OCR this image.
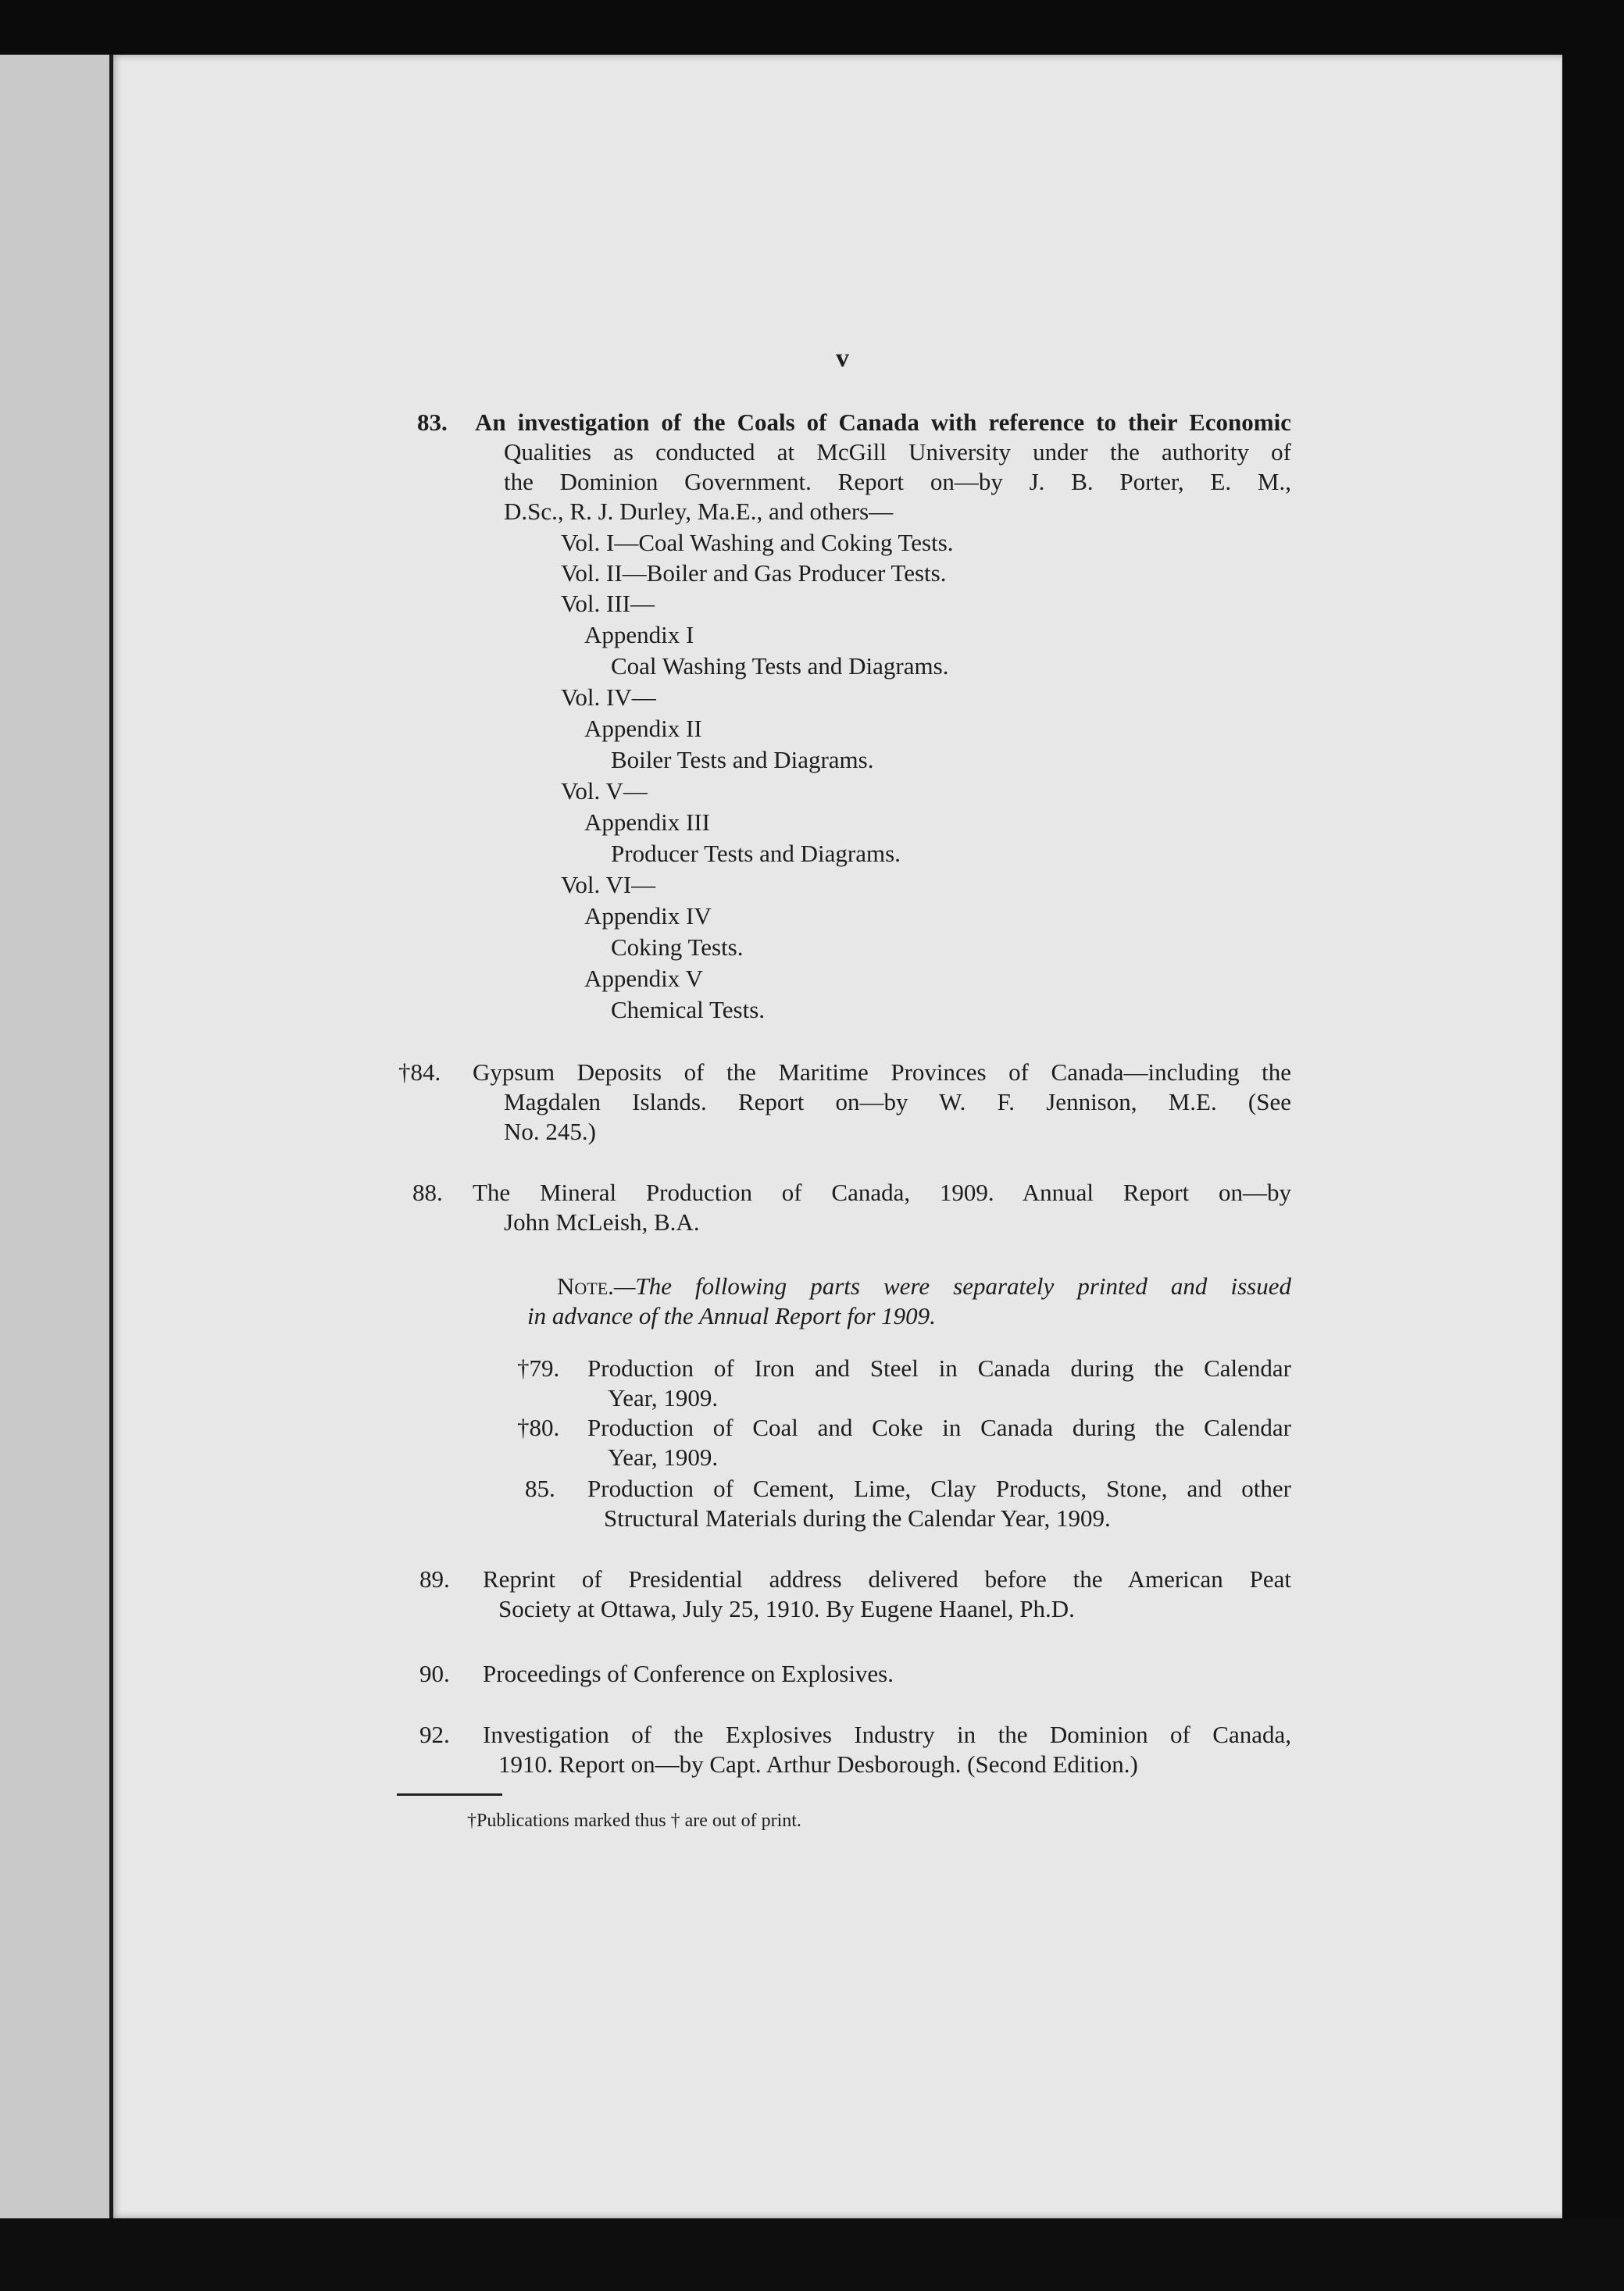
v
83. An investigation of the Coals of Canada with reference to their Economic
Qualities as conducted at McGill University under the authority of
the Dominion Government. Report on—by J. B. Porter, E. M.,
D.Sc., R. J. Durley, Ma.E., and others—
Vol. I—Coal Washing and Coking Tests.
Vol. II—Boiler and Gas Producer Tests.
Vol. III—
Appendix I
Coal Washing Tests and Diagrams.
Vol. IV—
Appendix II
Boiler Tests and Diagrams.
Vol. V—
Appendix III
Producer Tests and Diagrams.
Vol. VI—
Appendix IV
Coking Tests.
Appendix V
Chemical Tests.
†84. Gypsum Deposits of the Maritime Provinces of Canada—including the
Magdalen Islands. Report on—by W. F. Jennison, M.E. (See
No. 245.)
88. The Mineral Production of Canada, 1909. Annual Report on—by
John McLeish, B.A.
Note.—The following parts were separately printed and issued
in advance of the Annual Report for 1909.
†79. Production of Iron and Steel in Canada during the Calendar
Year, 1909.
†80. Production of Coal and Coke in Canada during the Calendar
Year, 1909.
85. Production of Cement, Lime, Clay Products, Stone, and other
Structural Materials during the Calendar Year, 1909.
89. Reprint of Presidential address delivered before the American Peat
Society at Ottawa, July 25, 1910. By Eugene Haanel, Ph.D.
90. Proceedings of Conference on Explosives.
92. Investigation of the Explosives Industry in the Dominion of Canada,
1910. Report on—by Capt. Arthur Desborough. (Second Edition.)
†Publications marked thus † are out of print.
